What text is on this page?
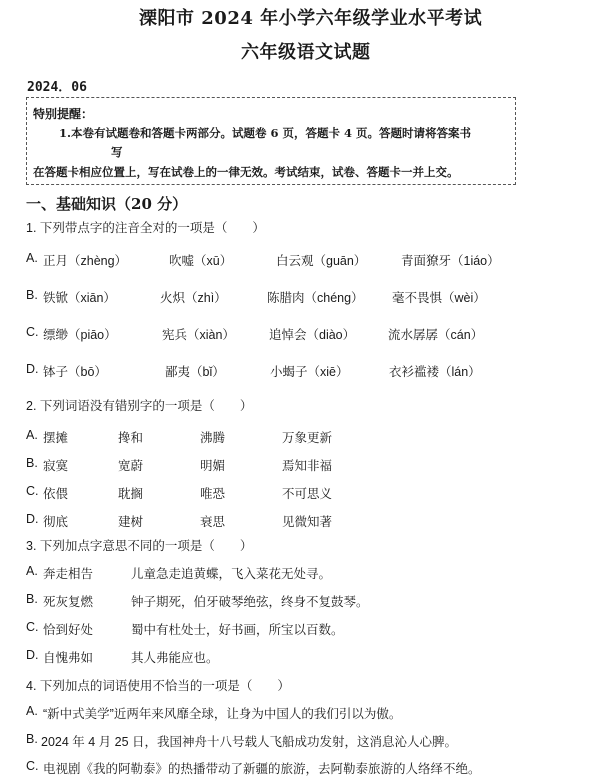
溧阳市 2024 年小学六年级学业水平考试
六年级语文试题
2024．06
特别提醒：
1.本卷有试题卷和答题卡两部分。试题卷 6 页，答题卡 4 页。答题时请将答案书
写
在答题卡相应位置上，写在试卷上的一律无效。考试结束，试卷、答题卡一并上交。
一、基础知识（20 分）
1. 下列带点字的注音全对的一项是（　　）
A. 正月（zhèng）	吹嘘（xū）	白云观（guān）	青面獠牙（1iáo）
B. 铁锨（xiān）	火炽（zhì）	陈腊肉（chéng） 毫不畏惧（wèi）
C. 缥缈（piāo）	宪兵（xiàn）	追悼会（diào）	流水孱孱（cán）
D. 钵子（bō）	鄙夷（bǐ）	小蝎子（xiē）	衣衫褴褛（lán）
2. 下列词语没有错别字的一项是（　　）
A. 摆摊	搀和	沸腾	万象更新
B. 寂寞	宽蔚	明媚	焉知非福
C. 依偎	耽搁	唯恐	不可思义
D. 彻底	建树	衰思	见微知著
3. 下列加点字意思不同的一项是（　　）
A. 奔走相告	儿童急走追黄蝶，飞入菜花无处寻。
B. 死灰复燃	钟子期死，伯牙破琴绝弦，终身不复鼓琴。
C. 恰到好处	蜀中有杜处士，好书画，所宝以百数。
D. 自愧弗如	其人弗能应也。
4. 下列加点的词语使用不恰当的一项是（　　）
A. “新中式美学”近两年来风靡全球，让身为中国人的我们引以为傲。
B. 2024 年 4 月 25 日，我国神舟十八号载人飞船成功发射，这消息沁人心脾。
C. 电视剧《我的阿勒泰》的热播带动了新疆的旅游，去阿勒泰旅游的人络绎不绝。
